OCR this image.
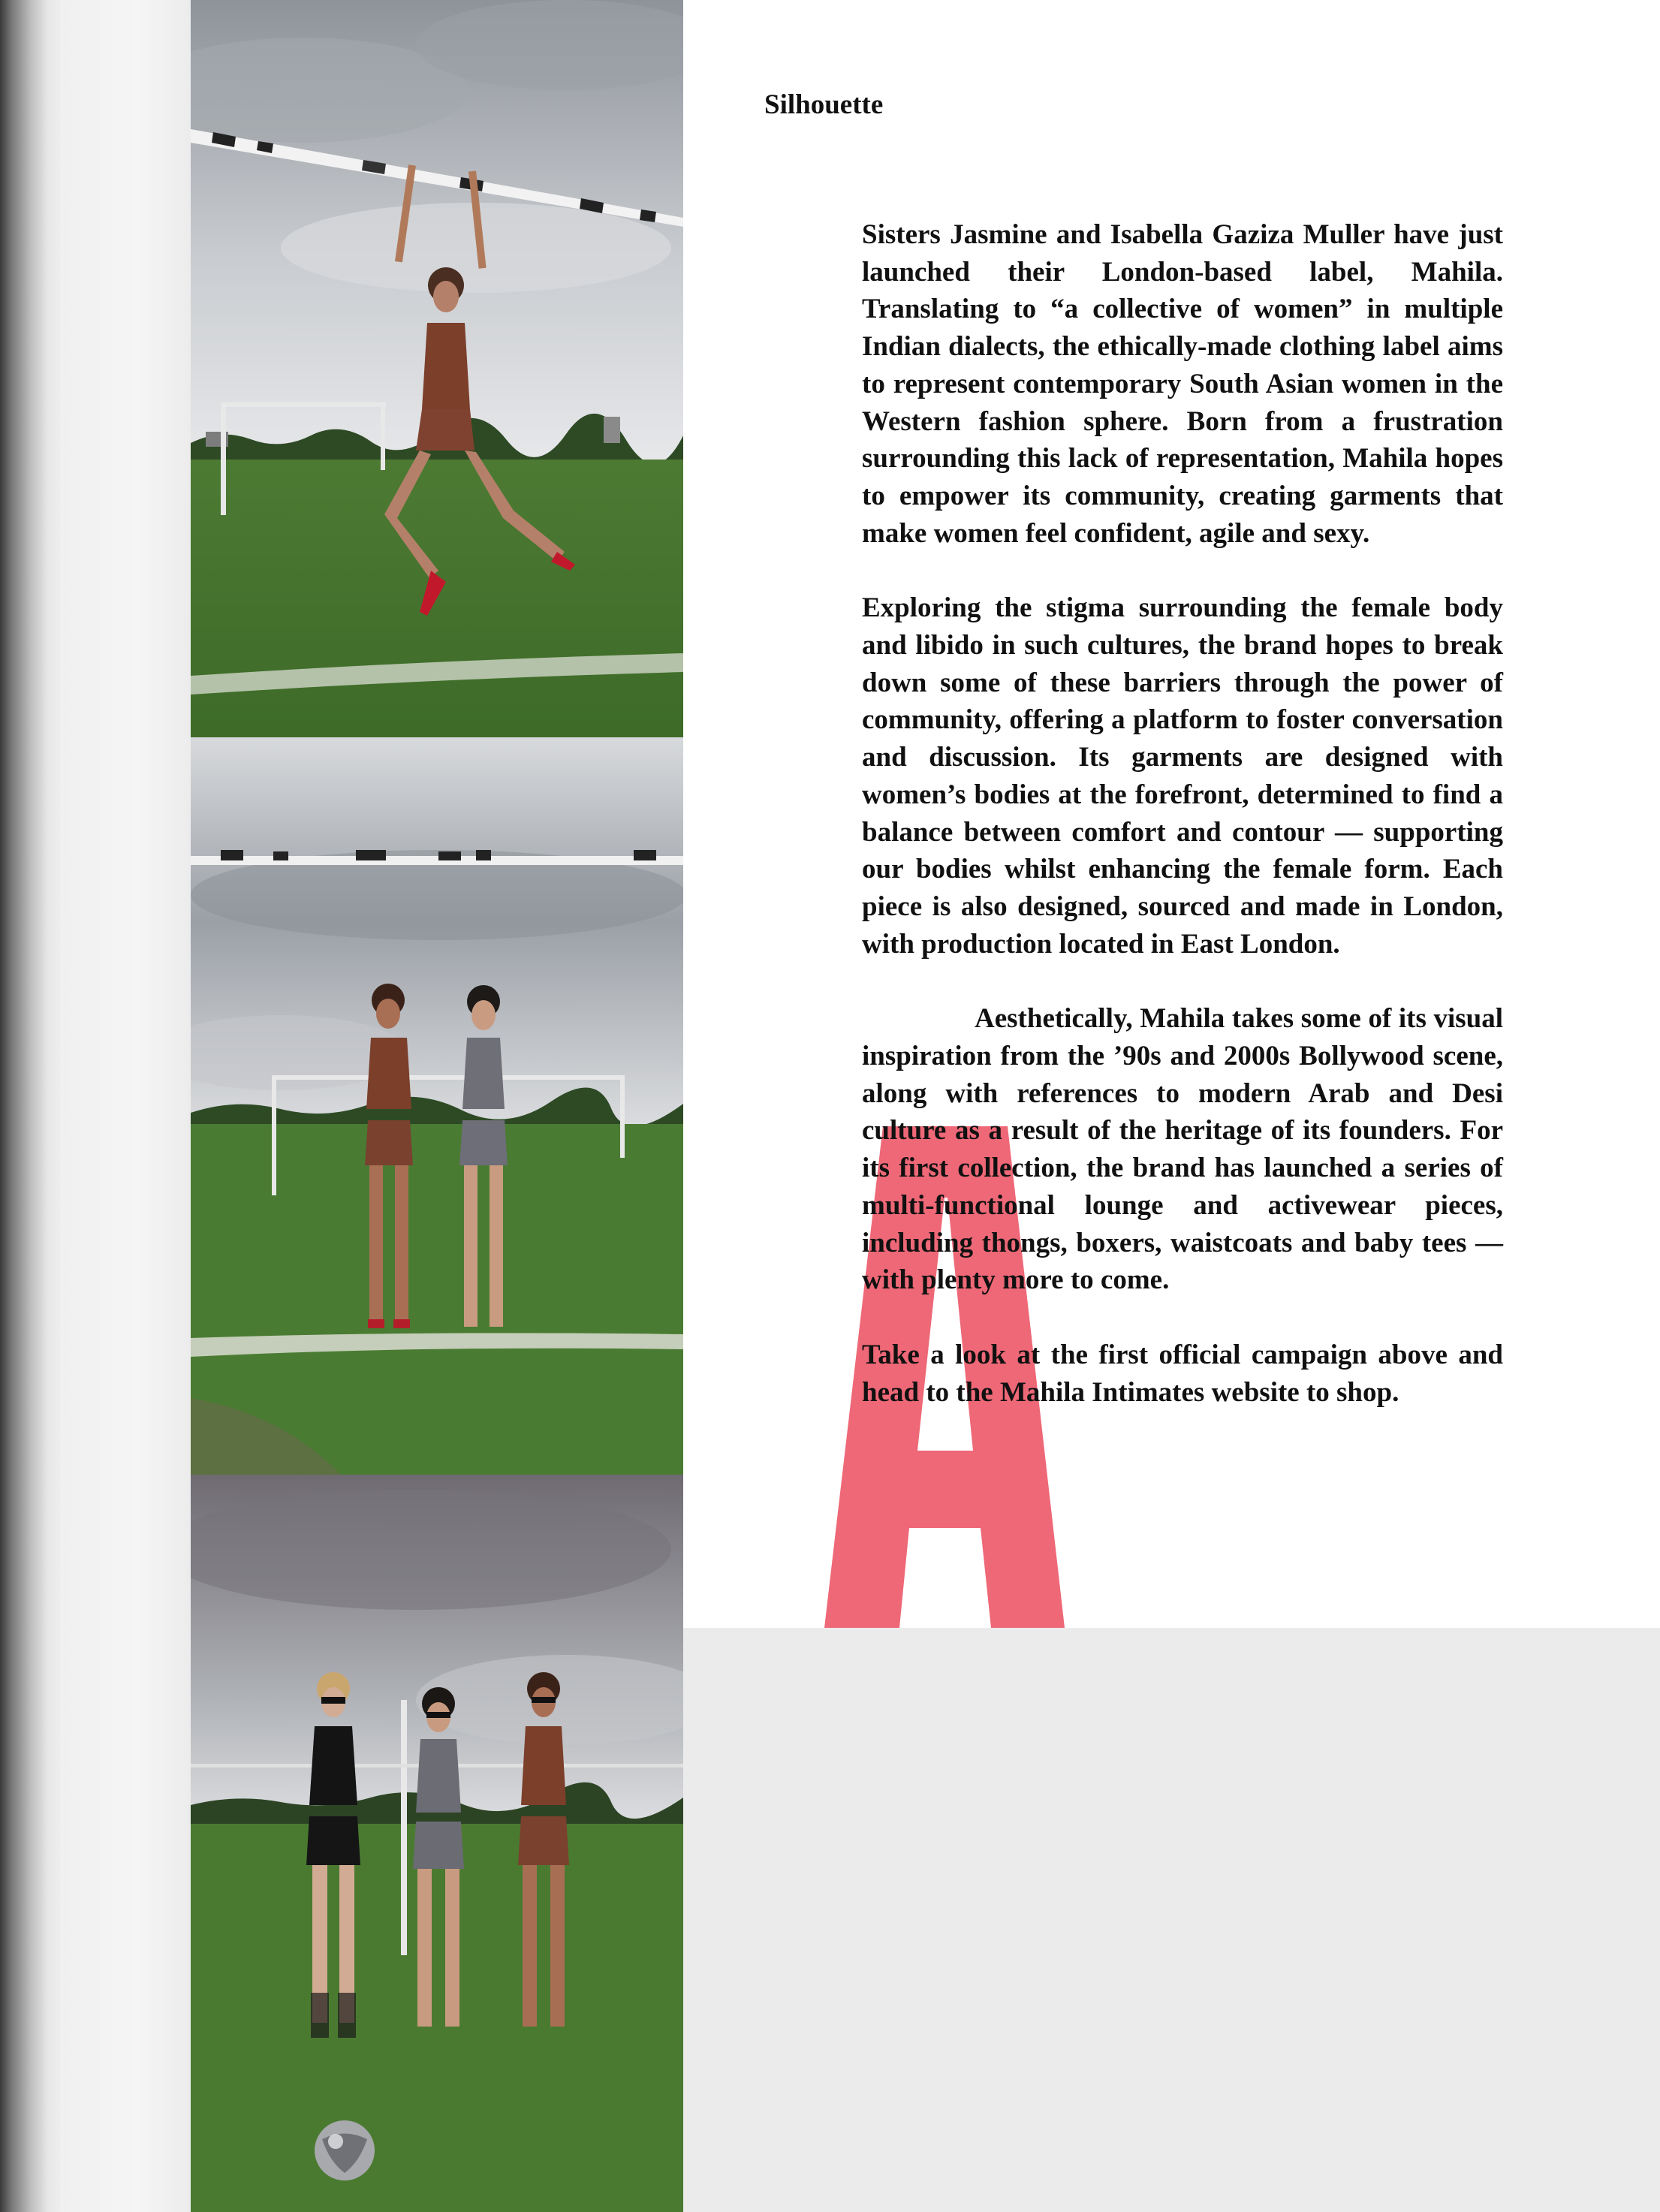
Silhouette

Sisters Jasmine and Isabella Gaziza Muller have just launched their London-based label, Mahila. Translating to “a collective of women” in multiple Indian dialects, the ethically-made clothing label aims to represent contemporary South Asian women in the Western fashion sphere. Born from a frustration surrounding this lack of representation, Mahila hopes to empower its community, creating garments that make women feel confident, agile and sexy.

Exploring the stigma surrounding the female body and libido in such cultures, the brand hopes to break down some of these barriers through the power of community, offering a platform to foster conversation and discussion. Its garments are designed with women’s bodies at the forefront, determined to find a balance between comfort and contour — supporting our bodies whilst enhancing the female form. Each piece is also designed, sourced and made in London, with production located in East London.

Aesthetically, Mahila takes some of its visual inspiration from the ’90s and 2000s Bollywood scene, along with references to modern Arab and Desi culture as a result of the heritage of its founders. For its first collection, the brand has launched a series of multi-functional lounge and activewear pieces, including thongs, boxers, waistcoats and baby tees — with plenty more to come.

Take a look at the first official campaign above and head to the Mahila Intimates website to shop.
